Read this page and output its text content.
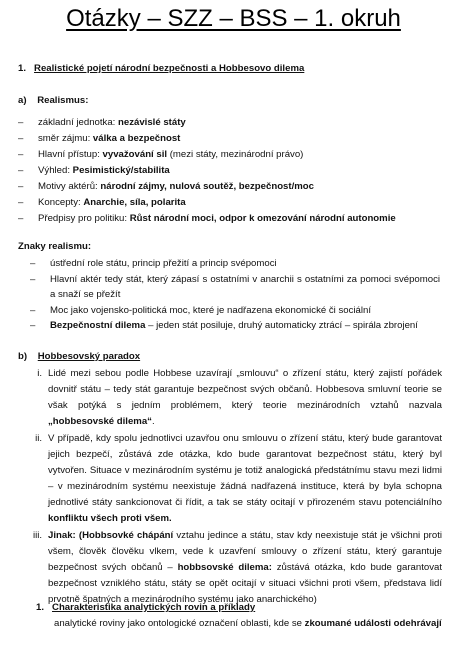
Otázky – SZZ – BSS – 1. okruh
1. Realistické pojetí národní bezpečnosti a Hobbesovo dilema
a) Realismus:
–	základní jednotka: nezávislé státy
–	směr zájmu: válka a bezpečnost
–	Hlavní přístup: vyvažování sil (mezi státy, mezinárodní právo)
–	Výhled: Pesimistický/stabilita
–	Motivy aktérů: národní zájmy, nulová soutěž, bezpečnost/moc
–	Koncepty: Anarchie, síla, polarita
–	Předpisy pro politiku: Růst národní moci, odpor k omezování národní autonomie
Znaky realismu:
–	ústřední role státu, princip přežití a princip svépomoci
–	Hlavní aktér tedy stát, který zápasí s ostatními v anarchii s ostatními za pomoci svépomoci a snaží se přežít
–	Moc jako vojensko-politická moc, které je nadřazena ekonomické či sociální
–	Bezpečnostní dilema – jeden stát posiluje, druhý automaticky ztrácí – spirála zbrojení
b) Hobbesovský paradox
i. Lidé mezi sebou podle Hobbese uzavírají „smlouvu“ o zřízení státu, který zajistí pořádek dovnitř státu – tedy stát garantuje bezpečnost svých občanů. Hobbesova smluvní teorie se však potýká s jedním problémem, který teorie mezinárodních vztahů nazvala „hobbesovské dilema“.
ii. V případě, kdy spolu jednotlivci uzavřou onu smlouvu o zřízení státu, který bude garantovat jejich bezpečí, zůstává zde otázka, kdo bude garantovat bezpečnost státu, který byl vytvořen. Situace v mezinárodním systému je totiž analogická předstátnímu stavu mezi lidmi – v mezinárodním systému neexistuje žádná nadřazená instituce, která by byla schopna jednotlivé státy sankcionovat či řídit, a tak se státy ocitají v přirozeném stavu potenciálního konfliktu všech proti všem.
iii. Jinak: (Hobbsovké chápání vztahu jedince a státu, stav kdy neexistuje stát je všichni proti všem, člověk člověku vlkem, vede k uzavření smlouvy o zřízení státu, který garantuje bezpečnost svých občanů – hobbsovské dilema: zůstává otázka, kdo bude garantovat bezpečnost vzniklého státu, státy se opět ocitají v situaci všichni proti všem, představa lidí prvotně špatných a mezinárodního systému jako anarchického)
1. Charakteristika analytických rovin a příklady
analytické roviny jako ontologické označení oblasti, kde se zkoumané události odehrávají
